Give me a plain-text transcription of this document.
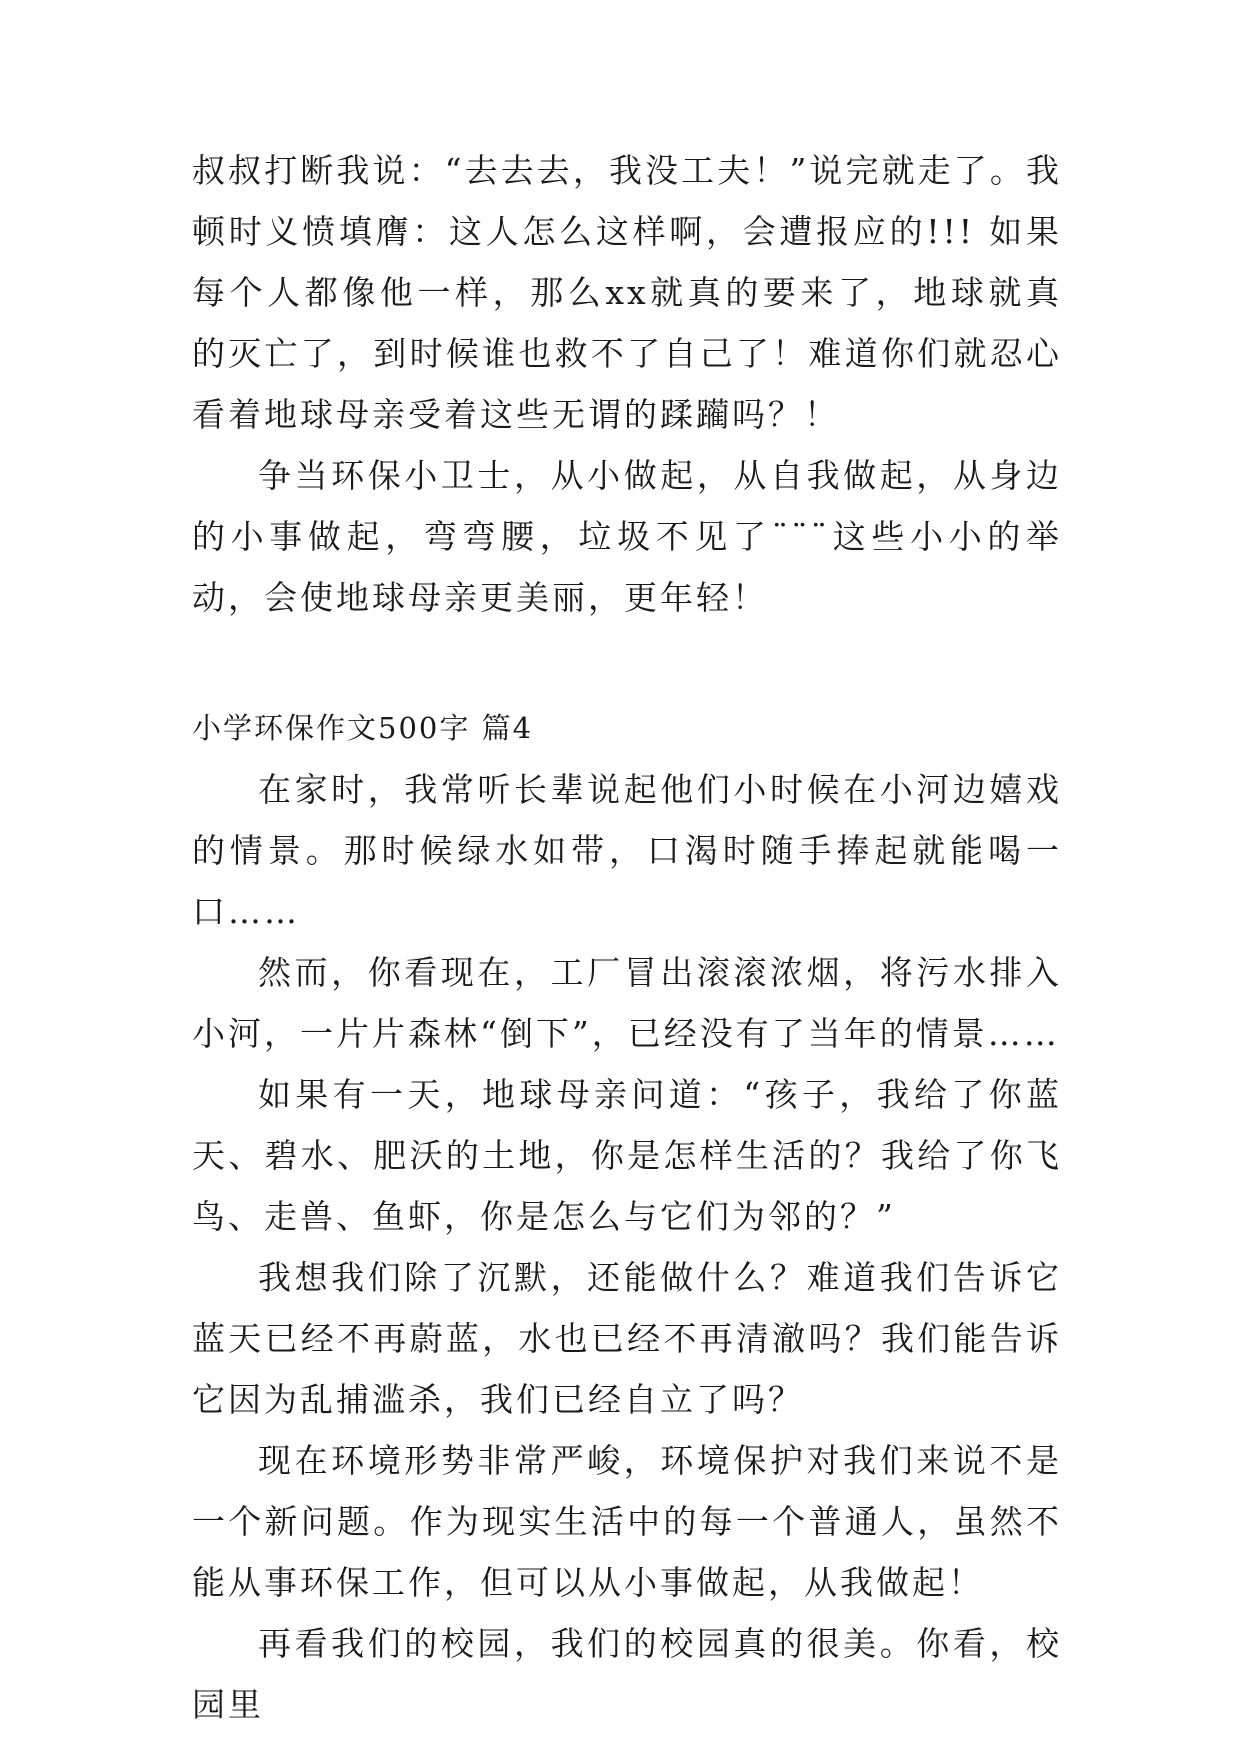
叔叔打断我说：“去去去，我没工夫！”说完就走了。我顿时义愤填膺：这人怎么这样啊，会遭报应的!!! 如果每个人都像他一样，那么xx就真的要来了，地球就真的灭亡了，到时候谁也救不了自己了！难道你们就忍心看着地球母亲受着这些无谓的蹂躏吗？！

争当环保小卫士，从小做起，从自我做起，从身边的小事做起，弯弯腰，垃圾不见了¨¨¨这些小小的举动，会使地球母亲更美丽，更年轻！

小学环保作文500字 篇4

在家时，我常听长辈说起他们小时候在小河边嬉戏的情景。那时候绿水如带，口渴时随手捧起就能喝一口……

然而，你看现在，工厂冒出滚滚浓烟，将污水排入小河，一片片森林“倒下”，已经没有了当年的情景……

如果有一天，地球母亲问道：“孩子，我给了你蓝天、碧水、肥沃的土地，你是怎样生活的？我给了你飞鸟、走兽、鱼虾，你是怎么与它们为邻的？”

我想我们除了沉默，还能做什么？难道我们告诉它蓝天已经不再蔚蓝，水也已经不再清澈吗？我们能告诉它因为乱捕滥杀，我们已经自立了吗？

现在环境形势非常严峻，环境保护对我们来说不是一个新问题。作为现实生活中的每一个普通人，虽然不能从事环保工作，但可以从小事做起，从我做起！

再看我们的校园，我们的校园真的很美。你看，校园里
